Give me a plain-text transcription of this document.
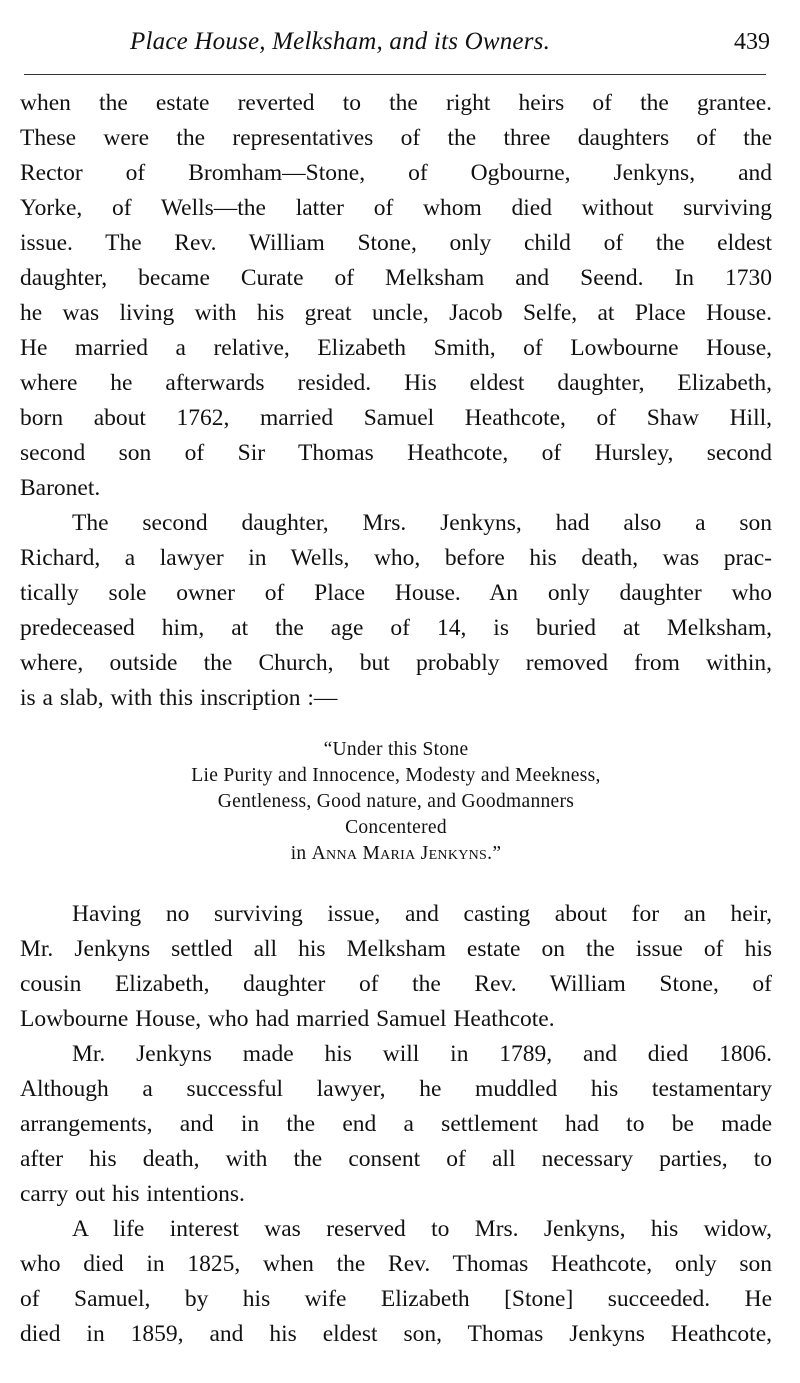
Place House, Melksham, and its Owners.	439
when the estate reverted to the right heirs of the grantee.
These were the representatives of the three daughters of the
Rector of Bromham—Stone, of Ogbourne, Jenkyns, and
Yorke, of Wells—the latter of whom died without surviving
issue. The Rev. William Stone, only child of the eldest
daughter, became Curate of Melksham and Seend. In 1730
he was living with his great uncle, Jacob Selfe, at Place House.
He married a relative, Elizabeth Smith, of Lowbourne House,
where he afterwards resided. His eldest daughter, Elizabeth,
born about 1762, married Samuel Heathcote, of Shaw Hill,
second son of Sir Thomas Heathcote, of Hursley, second
Baronet.
The second daughter, Mrs. Jenkyns, had also a son
Richard, a lawyer in Wells, who, before his death, was prac-
tically sole owner of Place House. An only daughter who
predeceased him, at the age of 14, is buried at Melksham,
where, outside the Church, but probably removed from within,
is a slab, with this inscription :—
“Under this Stone
Lie Purity and Innocence, Modesty and Meekness,
Gentleness, Good nature, and Goodmanners
Concentered
in Anna Maria Jenkyns.”
Having no surviving issue, and casting about for an heir,
Mr. Jenkyns settled all his Melksham estate on the issue of his
cousin Elizabeth, daughter of the Rev. William Stone, of
Lowbourne House, who had married Samuel Heathcote.
Mr. Jenkyns made his will in 1789, and died 1806.
Although a successful lawyer, he muddled his testamentary
arrangements, and in the end a settlement had to be made
after his death, with the consent of all necessary parties, to
carry out his intentions.
A life interest was reserved to Mrs. Jenkyns, his widow,
who died in 1825, when the Rev. Thomas Heathcote, only son
of Samuel, by his wife Elizabeth [Stone] succeeded. He
died in 1859, and his eldest son, Thomas Jenkyns Heathcote,
